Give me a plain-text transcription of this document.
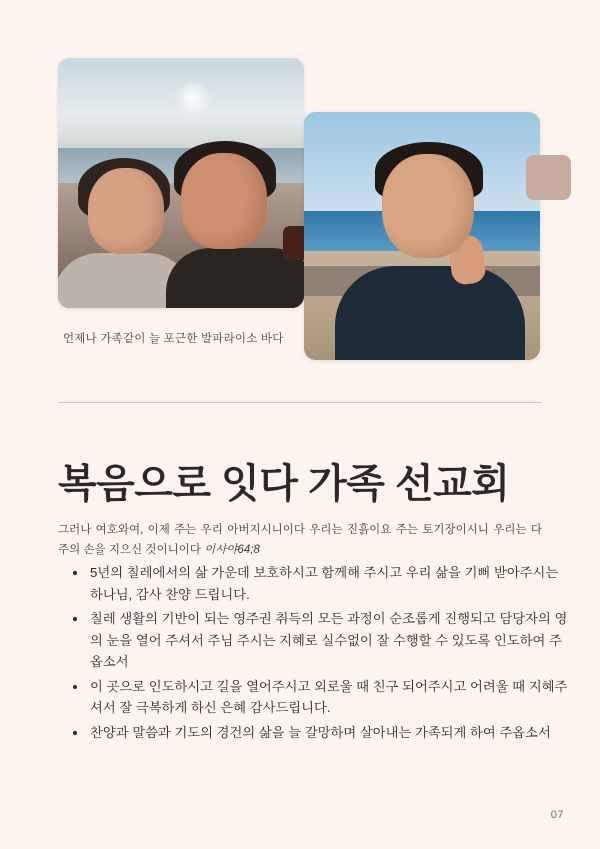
언제나 가족같이 늘 포근한 발파라이소 바다
복음으로 잇다 가족 선교회

그러나 여호와여, 이제 주는 우리 아버지시니이다 우리는 진흙이요 주는 토기장이시니 우리는 다 주의 손을 지으신 것이니이다 이사야64;8

• 5년의 칠레에서의 삶 가운데 보호하시고 함께해 주시고 우리 삶을 기뻐 받아주시는 하나님, 감사 찬양 드립니다.
• 칠레 생활의 기반이 되는 영주권 취득의 모든 과정이 순조롭게 진행되고 담당자의 영의 눈을 열어 주셔서 주님 주시는 지혜로 실수없이 잘 수행할 수 있도록 인도하여 주옵소서
• 이 곳으로 인도하시고 길을 열어주시고 외로울 때 친구 되어주시고 어려울 때 지혜주셔서 잘 극복하게 하신 은혜 감사드립니다.
• 찬양과 말씀과 기도의 경건의 삶을 늘 갈망하며 살아내는 가족되게 하여 주옵소서
07
